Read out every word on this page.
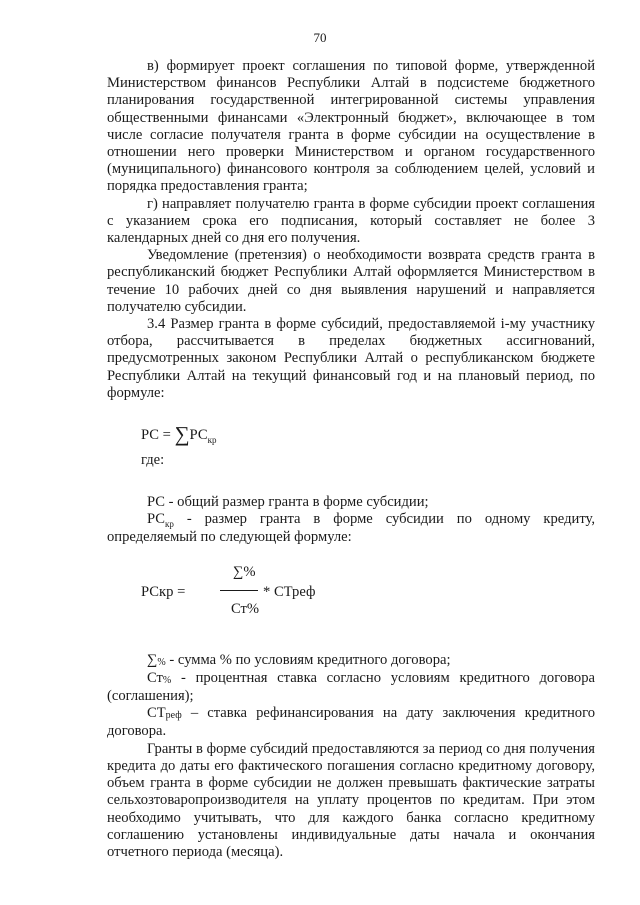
70

в) формирует проект соглашения по типовой форме, утвержденной Министерством финансов Республики Алтай в подсистеме бюджетного планирования государственной интегрированной системы управления общественными финансами «Электронный бюджет», включающее в том числе согласие получателя гранта в форме субсидии на осуществление в отношении него проверки Министерством и органом государственного (муниципального) финансового контроля за соблюдением целей, условий и порядка предоставления гранта;

г) направляет получателю гранта в форме субсидии проект соглашения с указанием срока его подписания, который составляет не более 3 календарных дней со дня его получения.

Уведомление (претензия) о необходимости возврата средств гранта в республиканский бюджет Республики Алтай оформляется Министерством в течение 10 рабочих дней со дня выявления нарушений и направляется получателю субсидии.

3.4 Размер гранта в форме субсидий, предоставляемой i-му участнику отбора, рассчитывается в пределах бюджетных ассигнований, предусмотренных законом Республики Алтай о республиканском бюджете Республики Алтай на текущий финансовый год и на плановый период, по формуле:

РС = $\sum РС_{кр}$
где:

РС - общий размер гранта в форме субсидии;

$РС_{кр}$ - размер гранта в форме субсидии по одному кредиту, определяемый по следующей формуле:

∑%
РСкр =	* СТреф
Ст%

∑% - сумма % по условиям кредитного договора;

Ст% - процентная ставка согласно условиям кредитного договора (соглашения);

СТреф – ставка рефинансирования на дату заключения кредитного договора.

Гранты в форме субсидий предоставляются за период со дня получения кредита до даты его фактического погашения согласно кредитному договору, объем гранта в форме субсидии не должен превышать фактические затраты сельхозтоваропроизводителя на уплату процентов по кредитам. При этом необходимо учитывать, что для каждого банка согласно кредитному соглашению установлены индивидуальные даты начала и окончания отчетного периода (месяца).
